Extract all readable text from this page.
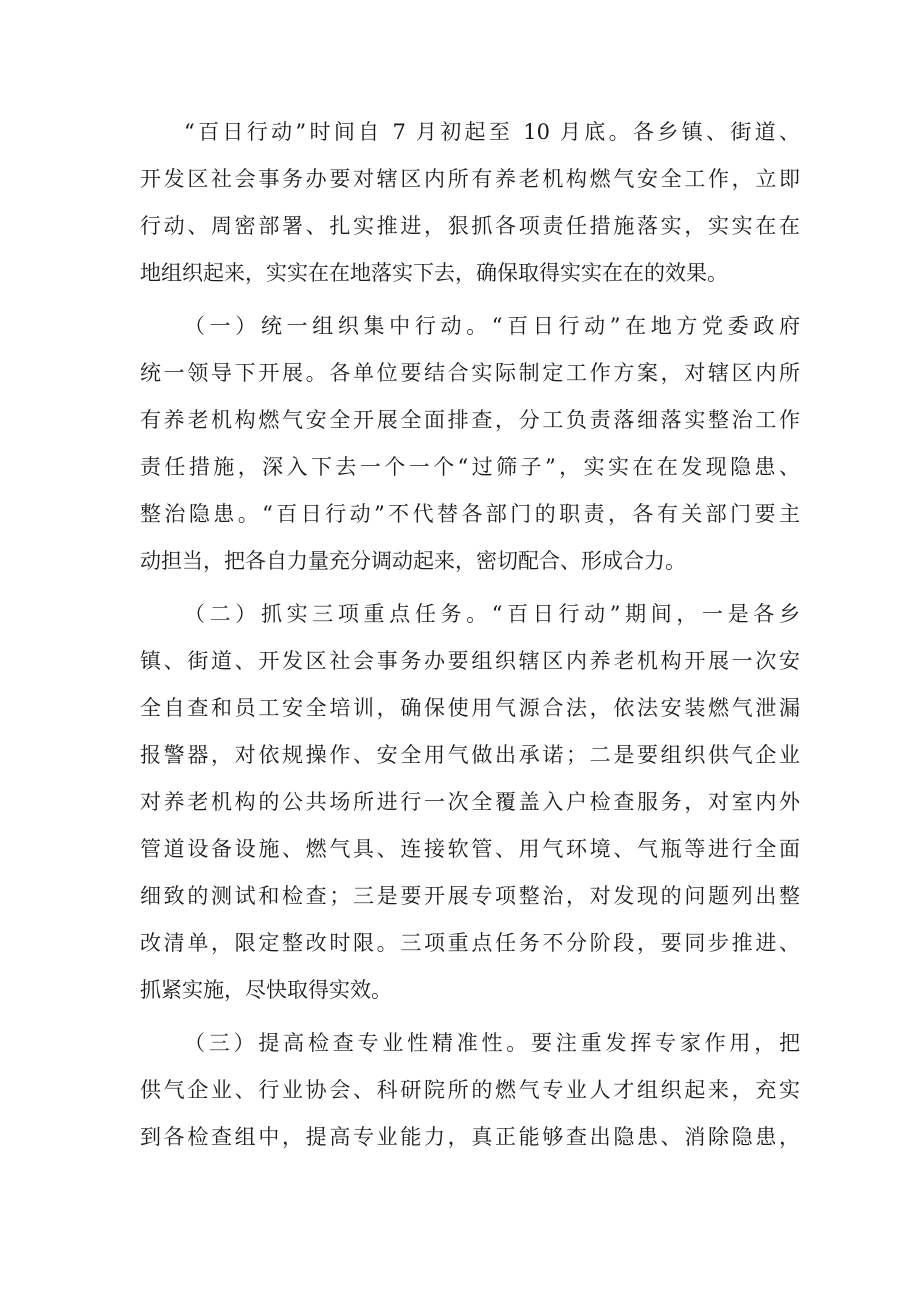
“百日行动”时间自 7 月初起至 10 月底。各乡镇、街道、
开发区社会事务办要对辖区内所有养老机构燃气安全工作，立即
行动、周密部署、扎实推进，狠抓各项责任措施落实，实实在在
地组织起来，实实在在地落实下去，确保取得实实在在的效果。
（一）统一组织集中行动。“百日行动”在地方党委政府
统一领导下开展。各单位要结合实际制定工作方案，对辖区内所
有养老机构燃气安全开展全面排查，分工负责落细落实整治工作
责任措施，深入下去一个一个“过筛子”，实实在在发现隐患、
整治隐患。“百日行动”不代替各部门的职责，各有关部门要主
动担当，把各自力量充分调动起来，密切配合、形成合力。
（二）抓实三项重点任务。“百日行动”期间，一是各乡
镇、街道、开发区社会事务办要组织辖区内养老机构开展一次安
全自查和员工安全培训，确保使用气源合法，依法安装燃气泄漏
报警器，对依规操作、安全用气做出承诺；二是要组织供气企业
对养老机构的公共场所进行一次全覆盖入户检查服务，对室内外
管道设备设施、燃气具、连接软管、用气环境、气瓶等进行全面
细致的测试和检查；三是要开展专项整治，对发现的问题列出整
改清单，限定整改时限。三项重点任务不分阶段，要同步推进、
抓紧实施，尽快取得实效。
（三）提高检查专业性精准性。要注重发挥专家作用，把
供气企业、行业协会、科研院所的燃气专业人才组织起来，充实
到各检查组中，提高专业能力，真正能够查出隐患、消除隐患，
